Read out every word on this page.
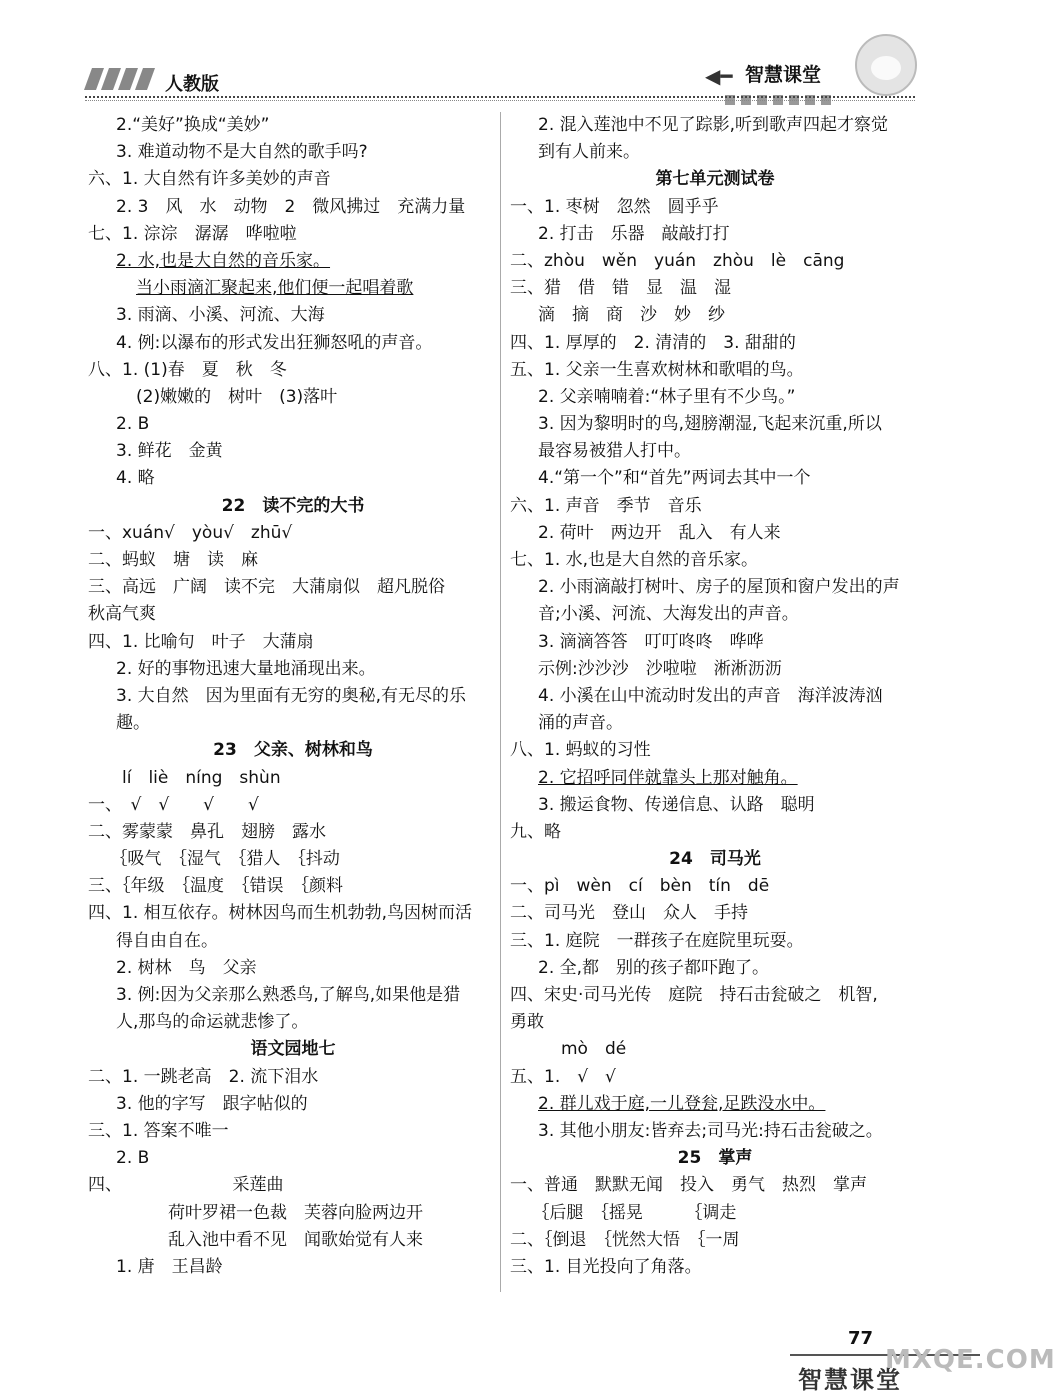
人教版	◀━ 智慧课堂
2.“美好”换成“美妙”
3. 难道动物不是大自然的歌手吗?
六、1. 大自然有许多美妙的声音
2. 3　风　水　动物　2　微风拂过　充满力量
七、1. 淙淙　潺潺　哗啦啦
2. 水,也是大自然的音乐家。
当小雨滴汇聚起来,他们便一起唱着歌
3. 雨滴、小溪、河流、大海
4. 例:以瀑布的形式发出狂狮怒吼的声音。
八、1. (1)春　夏　秋　冬
(2)嫩嫩的　树叶　(3)落叶
2. B
3. 鲜花　金黄
4. 略
22　读不完的大书
一、xuán√　yòu√　zhū√
二、蚂蚁　塘　读　麻
三、高远　广阔　读不完　大蒲扇似　超凡脱俗
秋高气爽
四、1. 比喻句　叶子　大蒲扇
2. 好的事物迅速大量地涌现出来。
3. 大自然　因为里面有无穷的奥秘,有无尽的乐
趣。
23　父亲、树林和鸟
　　lí　liè　níng　shùn
一、　√　√　　√　　√
二、雾蒙蒙　鼻孔　翅膀　露水
　 ｛吸气　｛湿气　｛猎人　｛抖动
三、｛年级　｛温度　｛错误　｛颜料
四、1. 相互依存。树林因鸟而生机勃勃,鸟因树而活
得自由自在。
2. 树林　鸟　父亲
3. 例:因为父亲那么熟悉鸟,了解鸟,如果他是猎
人,那鸟的命运就悲惨了。
语文园地七
二、1. 一跳老高　2. 流下泪水
3. 他的字写　跟字帖似的
三、1. 答案不唯一
2. B
四、　　　　　　　采莲曲
荷叶罗裙一色裁　芙蓉向脸两边开
乱入池中看不见　闻歌始觉有人来
1. 唐　王昌龄
2. 混入莲池中不见了踪影,听到歌声四起才察觉
到有人前来。
第七单元测试卷
一、1. 枣树　忽然　圆乎乎
2. 打击　乐器　敲敲打打
二、zhòu　wěn　yuán　zhòu　lè　cāng
三、猎　借　错　显　温　湿
滴　摘　商　沙　妙　纱
四、1. 厚厚的　2. 清清的　3. 甜甜的
五、1. 父亲一生喜欢树林和歌唱的鸟。
2. 父亲喃喃着:“林子里有不少鸟。”
3. 因为黎明时的鸟,翅膀潮湿,飞起来沉重,所以
最容易被猎人打中。
4.“第一个”和“首先”两词去其中一个
六、1. 声音　季节　音乐
2. 荷叶　两边开　乱入　有人来
七、1. 水,也是大自然的音乐家。
2. 小雨滴敲打树叶、房子的屋顶和窗户发出的声
音;小溪、河流、大海发出的声音。
3. 滴滴答答　叮叮咚咚　哗哗
示例:沙沙沙　沙啦啦　淅淅沥沥
4. 小溪在山中流动时发出的声音　海洋波涛汹
涌的声音。
八、1. 蚂蚁的习性
2. 它招呼同伴就靠头上那对触角。
3. 搬运食物、传递信息、认路　聪明
九、略
24　司马光
一、pì　wèn　cí　bèn　tín　dē
二、司马光　登山　众人　手持
三、1. 庭院　一群孩子在庭院里玩耍。
2. 全,都　别的孩子都吓跑了。
四、宋史·司马光传　庭院　持石击瓮破之　机智,
勇敢
　　　mò　dé
五、1.　√　√
2. 群儿戏于庭,一儿登瓮,足跌没水中。
3. 其他小朋友:皆弃去;司马光:持石击瓮破之。
25　掌声
一、普通　默默无闻　投入　勇气　热烈　掌声
　 ｛后腿　｛摇晃　　　｛调走
二、｛倒退　｛恍然大悟　｛一周
三、1. 目光投向了角落。
77
智慧课堂
MXQE.COM
